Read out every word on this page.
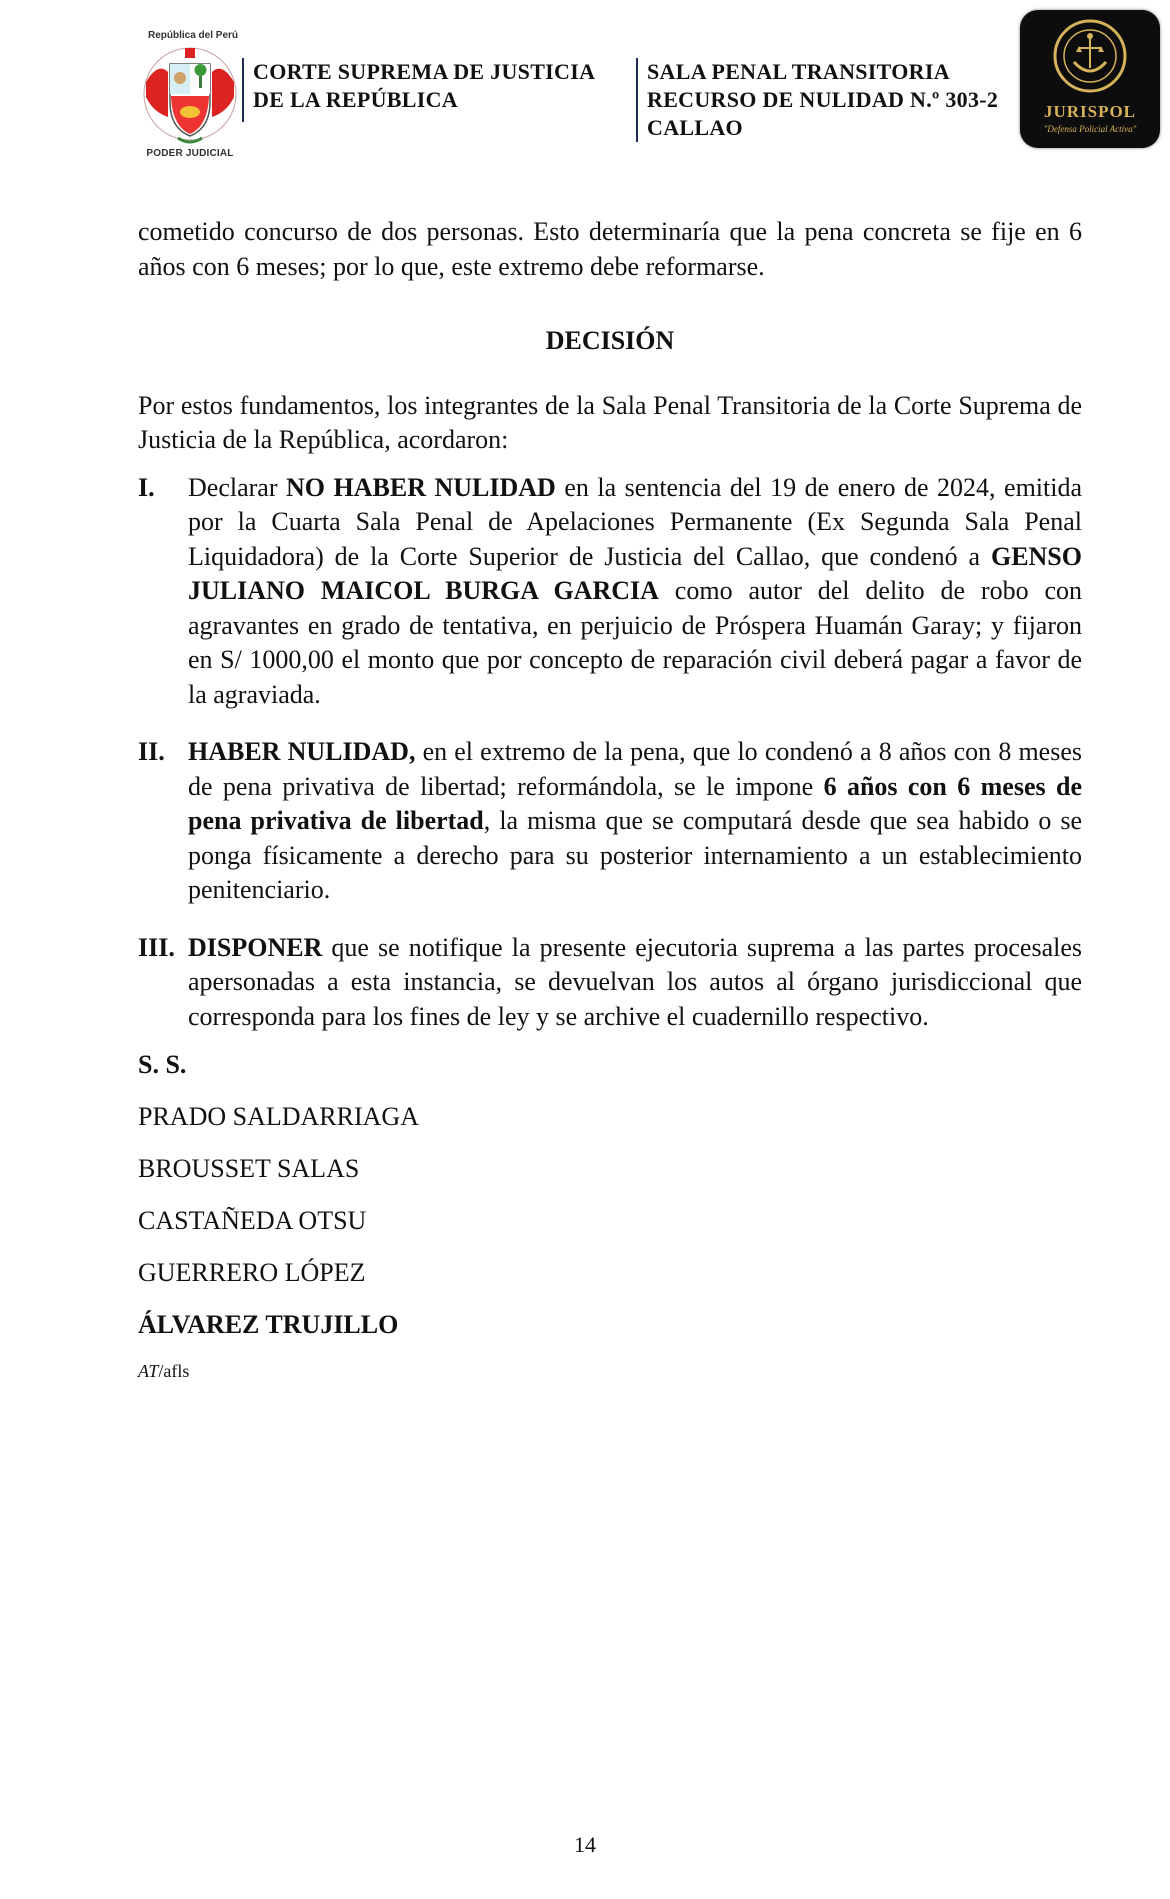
República del Perú
PODER JUDICIAL
CORTE SUPREMA DE JUSTICIA
DE LA REPÚBLICA
SALA PENAL TRANSITORIA
RECURSO DE NULIDAD N.º 303-2
CALLAO
JURISPOL
"Defensa Policial Activa"

cometido concurso de dos personas. Esto determinaría que la pena concreta se fije en 6 años con 6 meses; por lo que, este extremo debe reformarse.

DECISIÓN

Por estos fundamentos, los integrantes de la Sala Penal Transitoria de la Corte Suprema de Justicia de la República, acordaron:

I.	Declarar NO HABER NULIDAD en la sentencia del 19 de enero de 2024, emitida por la Cuarta Sala Penal de Apelaciones Permanente (Ex Segunda Sala Penal Liquidadora) de la Corte Superior de Justicia del Callao, que condenó a GENSO JULIANO MAICOL BURGA GARCIA como autor del delito de robo con agravantes en grado de tentativa, en perjuicio de Próspera Huamán Garay; y fijaron en S/ 1000,00 el monto que por concepto de reparación civil deberá pagar a favor de la agraviada.
II. HABER NULIDAD, en el extremo de la pena, que lo condenó a 8 años con 8 meses de pena privativa de libertad; reformándola, se le impone 6 años con 6 meses de pena privativa de libertad, la misma que se computará desde que sea habido o se ponga físicamente a derecho para su posterior internamiento a un establecimiento penitenciario.
III. DISPONER que se notifique la presente ejecutoria suprema a las partes procesales apersonadas a esta instancia, se devuelvan los autos al órgano jurisdiccional que corresponda para los fines de ley y se archive el cuadernillo respectivo.

S. S.

PRADO SALDARRIAGA

BROUSSET SALAS

CASTAÑEDA OTSU

GUERRERO LÓPEZ

ÁLVAREZ TRUJILLO

AT/afls

14
